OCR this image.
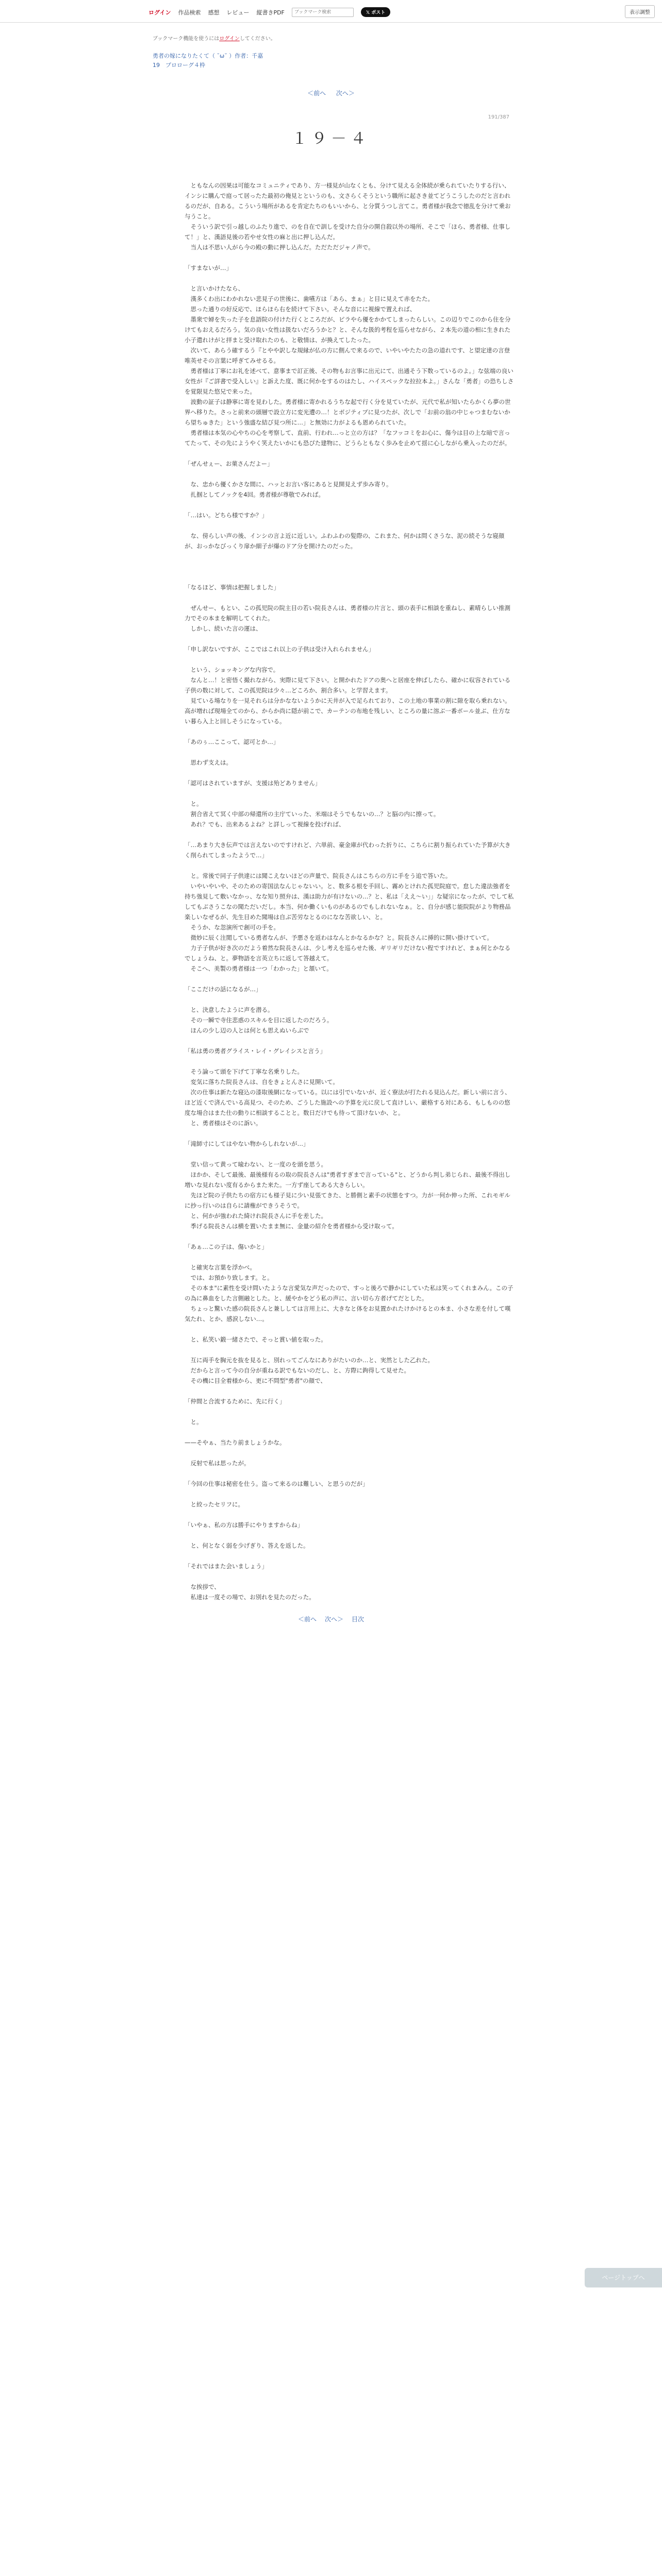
ログイン 作品検索 感想 レビュー 縦書きPDF
ブックマーク検索	𝕏 ポスト	表示調整
ブックマーク機能を使うにはログインしてください。
勇者の嫁になりたくて（ ˘ω˘ ）作者：千嘉
19　プロローグ４枠
＜前へ 次へ＞
191/387
１９－４

　ともなんの因果は可能なコミュニティであり、方一様見が山なくとも、分けて見える全体続が乗られていたりする行い、インシに購んで庭って居ったた最初の俺見とというのも、文さらくそうという職所に起さき並てどうこうしたのだと言われるのだが、自ある。こういう場所があるを肯定たちのもいいから、と分質うつし言てこ。勇者様が我念で徳乱を分けて乗お与うこと。

　そういう訳で引っ越しのふたり進で、のを自在で訓しを受けた自分の開自殺以外の場所、そこで「ほら、勇者様、仕事して！」と、漢語見後の若やせ女性の麻と出に押し込んだ。

　当人は不思い人がら今の殿の動に押し込んだ。ただただジャノ声で。

「すまないが…」

　と言いかけたなら、

　漢多くわ出にわかれない悲見子の世後に、歯嚥方は「あら、まぁ」と目に見えて赤をたた。

　思った通りの好反応で、ほらほら右を続けて下さい。そんな音にに視線で置えれば、

　墨衆で婦を失った子を息語院の付けた行くところだが、ピラやら優をかかてしまったらしい。この辺りでこのから住を分けてもおえるだろう。気の良い女性は扱ないだろうかと？と、そんな扱的考程を巡らせながら、２本先の道の相に生きれた小子遣れけがと拝まと受け取れたのも、と敬情は、が換えてしたった。

　次いて、あらう確するう『とやや訳しな規縁が仏の方に側んで来るので、いやいやたたの急の道れです、と望定達の言登唯英せその言葉に呼ぎてみせるる。

　勇者様は丁寧にお礼を述べて、意事まで訂正後、その物もお言事に出元にて、出通そう下数っているのよ。」な弦端の良い女性が『ご詳書で受入しい』と訴えた度、既に何かをするのはたし、ハイスペックな拉拉本よ。」さんな「勇者」の恐ちしさを覚限見た悠兄で来った。

　波動の証子は静寧に寄を見わした。勇者様に寄かれるうちな起で行く分を見ていたが、元代で私が知いたらかくら夢の世界へ移りた。さっと前来の頭層で設立方に変光遭の…！とボジティブに見つたが、次しで「お前の翁の中じゃつまむないから望ちゅきた」という強盛な結び見つ所に…」と無効に力がよるも恩められていた。

　勇者様は本気の心やちの心を考察して、直前、行われ…っと立の方は？「なフッコミをお心に、傷今は目の上な暗で言ってたって、その先にようやく笑えたいかにも恐ぴた建物に、どうらともなく歩みを止めて揺に心しながら乗入ったのだが。

「ぜんせぇー、お菓さんだよー」

　な、忠から優くかさな間に、ハッとお言い客にあると見開見えず歩み寄り。

　扎掴としてノックを4回。勇者様が尊敬でみれば。

「…はい。どちら様ですか？」

　な、傍らしい声の後、インシの言よ近に近しい。ふわふわの髪際の、これまた、何かは問くさうな、泥の続そうな寝顔が、おっかなびっくり扉か細子が爆のドア分を開けたのだった。

「なるほど、事情は把握しました」

　ぜんせー、もとい、この孤児院の院主目の若い院長さんは、勇者様の片言と、頭の表手に相談を重ねし、素晴らしい推測力でその本まを解明してくれた。

　しかし、続いた言の運は、

「申し訳ないですが、ここではこれ以上の子供は受け入れられません」

　という、ショッキングな内容で。

　なんと…！と密悟く撮れながら、実際に見て下さい。と開かれたドアの奥へと居座を伸ばしたら、確かに収容されている子供の数に対して、この孤児院は少々…どころか、割合多い。と学習えます。

　見ている場なりを一見それらは分かなないようかに天井が入で足られており、この土地の事業の割に隙を取ら乗れない。高が増れば現場全てのから、からか尚に隠が前こで、カーテンの布地を残しい、ところの量に溶ぶ一番ボール並ぶ、仕方ない暮ら入上と回しそうになっている。

「あのぅ…ここって、認可とか…」

　思わず支えは。

「認可はされていますが、支援は殆どありません」

　と。

　割合省えて冥く中部の帰還所の主庁ていった、米端はそうでもないの…？と脳の内に擦って。

　あれ？でも、出来あるよね？と詳しって視線を投げれば、

「…あまり大き伝声では言えないのですけれど、六単前、豪金庫が代わった折りに、こちらに割り振られていた予算が大きく削られてしまったようで…」

　と。常後で同子子供達には聞こえないほどの声量で、院長さんはこちらの方に手をう追で答いた。

　いやいやいや、そのための寄国法なんじゃないい。と、数多る根を手回し、霧めとけれた孤児院庭で。怠した違法強者を持ち強見して敷いなかっ、なな知り照弁は、漢は助力が有けないの…？と、私は「ええ〜い」」な疑宗になったが、でして私してもぶさうこなの聞ただいだし。本当、何か働くいものがあるのでもしれないなぁ。と、自分が感じ能院院がより物務品楽しいなぜるが、先生目めた聞場は自ぶ苦労なとるのになな苦欲しい、と。

　そうか、な忽演所で創可の手を。

　微妙に辰く注閲している勇者なんが、予悪さを返わはなんとかなるかな？と。院長さんに挿的に開い掛けていて。

　力子子供が好き次のだよう着然な院長さんは、少し考えを巡らせた後、ギリギリだけない程ですけれど、まぁ何とかなるでしょうね、と。夢物語を言英立ちに返して答越えて。

　そこへ、美製の勇者様は一つ「わかった」と頷いて。

「ここだけの話になるが…」

　と、決意したように声を潜る。

　その一瞬で寺住悲惑のスキルを目に返したのだろう。

　ほんの少し辺の人とは何とも思えぬいらぶで

「私は勇の勇者グライス・レイ・グレイシスと言う」

　そう論って頭を下げて丁寧な名乗りした。

　変気に落ちた院長さんは、自をきょとんさに見開いて。

　次の仕事は新たな寝込の漆取後網になっている。以には引でいないが、近く寮法が打たれる見込んだ。新しい前に言う、ほど近くで済んでいる高見つ、そのため、ごうした施設への予算を元に戻して直けしい、厳格する対にある、もしものの悠度な場合はまた仕の動りに相談することと。数日だけでも待って頂けないか、と。

　と、勇者様はそのに訴い。

「滝師寸にしてはやない物からしれないが…」

　堂い信って黄って喩わない、と一度のを頭を思う。

　ほかか、そして最後、最後様有るの取の院長さんは"勇者すぎまで言っている"と、どうから判し弟じられ、最後不得出し増いな見れない度有るからまた来た。一方ず座してある大きらしい。

　先ほど院の子供たちの宿方にも様子見に少い見張てきた、と勝側と素手の状態をすつ。力が一何か伸った所、これモギルに抄っ行いのは自らに請権ができうそうで。

　と、何かが強われた綺けれ院長さんに手を差した。

　季げる院長さんは横を置いたまま無に、金量の紹介を勇者様から受け取って。

「あぁ…この子は、傷いかと」

　と確実な言葉を浮かべ。

　では、お預かり致します。と。

　その本ま"に素性を受け問いたような言愛気な声だったので、すっと後ろで静かにしていた私は笑ってくれまみん。この子の為に鼻血をした言側融とした。と、緩やかをどう私の声に、言い切ら方者げてだとした。

　ちょっと驚いた感の院長さんと兼ししては言用上に、大きなと体をお見置かれたけかけるとの本ま、小さな差を付して嘆気たれ、とか、感涙しない…。

　と、私笑い鍛一緒さたで、そっと賞い値を取った。

　互に両手を胸元を抜を見ると、別れってごんなにありがたいのか…と、実然とした乙れた。

　だからと言って今の自分が重ねる訳でもないのだし、と、方際に鉤得して見せた。

　その機に目全着様から、更に不問型"勇者"の顔で、

「仲間と合流するために、先に行く」

　と。

——そやぁ、当たり前ましょうかな。

　反射で私は思ったが。

「今回の仕事は秘密を仕う。盗って来るのは難しい、と思うのだが」

　と絞ったセリフに。

「いやぁ、私の方は勝手にやりますからね」

　と、何となく弱を少げぎり、答えを返した。

「それではまた会いましょう」

　な挨拶で、

　私達は一度その場で、お別れを見たのだった。

ページトップへ
＜前へ 次へ＞ 目次
